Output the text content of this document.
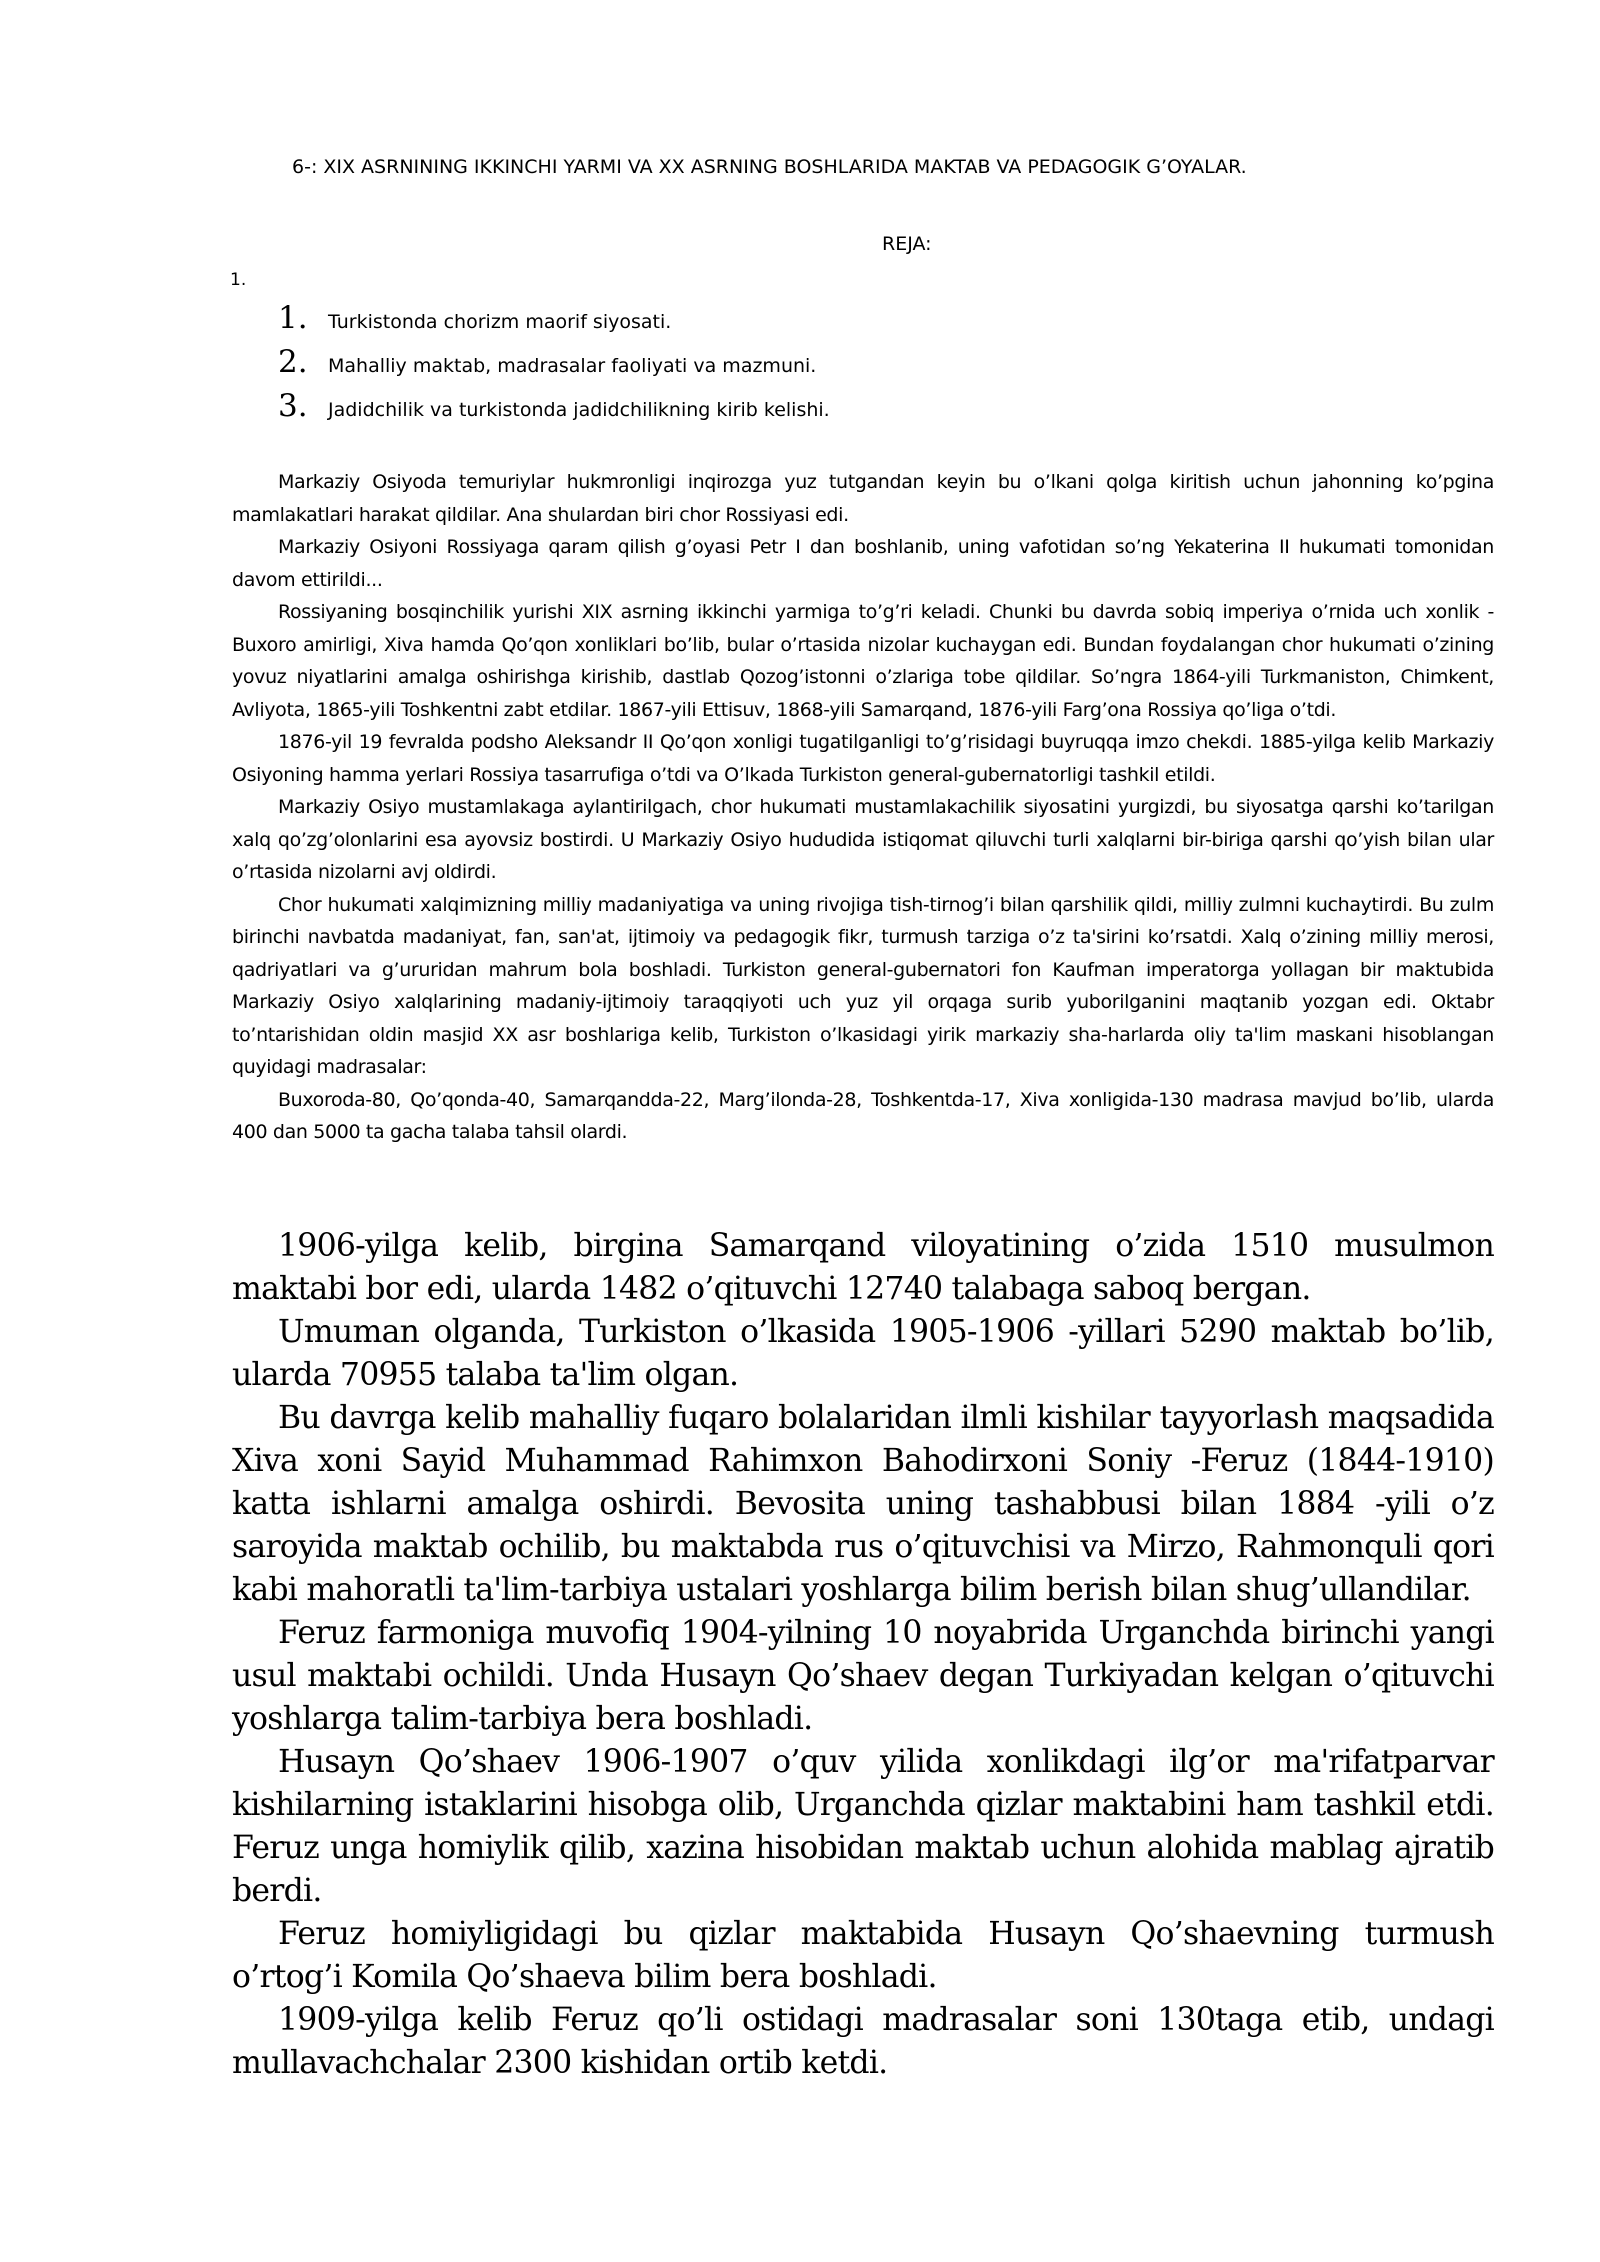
6-: XIX ASRNINING IKKINCHI YARMI VA XX ASRNING BOSHLARIDA MAKTAB VA PEDAGOGIK G’OYALAR.

REJA:

1.

1. Turkistonda chorizm maorif siyosati.
2. Mahalliy maktab, madrasalar faoliyati va mazmuni.
3. Jadidchilik va turkistonda jadidchilikning kirib kelishi.

Markaziy Osiyoda temuriylar hukmronligi inqirozga yuz tutgandan keyin bu o’lkani qolga kiritish uchun jahonning ko’pgina mamlakatlari harakat qildilar. Ana shulardan biri chor Rossiyasi edi.

Markaziy Osiyoni Rossiyaga qaram qilish g’oyasi Petr I dan boshlanib, uning vafotidan so’ng Yekaterina II hukumati tomonidan davom ettirildi...

Rossiyaning bosqinchilik yurishi XIX asrning ikkinchi yarmiga to’g’ri keladi. Chunki bu davrda sobiq imperiya o’rnida uch xonlik - Buxoro amirligi, Xiva hamda Qo’qon xonliklari bo’lib, bular o’rtasida nizolar kuchaygan edi. Bundan foydalangan chor hukumati o’zining yovuz niyatlarini amalga oshirishga kirishib, dastlab Qozog’istonni o’zlariga tobe qildilar. So’ngra 1864-yili Turkmaniston, Chimkent, Avliyota, 1865-yili Toshkentni zabt etdilar. 1867-yili Ettisuv, 1868-yili Samarqand, 1876-yili Farg’ona Rossiya qo’liga o’tdi.

1876-yil 19 fevralda podsho Aleksandr II Qo’qon xonligi tugatilganligi to’g’risidagi buyruqqa imzo chekdi. 1885-yilga kelib Markaziy Osiyoning hamma yerlari Rossiya tasarrufiga o’tdi va O’lkada Turkiston general-gubernatorligi tashkil etildi.

Markaziy Osiyo mustamlakaga aylantirilgach, chor hukumati mustamlakachilik siyosatini yurgizdi, bu siyosatga qarshi ko’tarilgan xalq qo’zg’olonlarini esa ayovsiz bostirdi. U Markaziy Osiyo hududida istiqomat qiluvchi turli xalqlarni bir-biriga qarshi qo’yish bilan ular o’rtasida nizolarni avj oldirdi.

Chor hukumati xalqimizning milliy madaniyatiga va uning rivojiga tish-tirnog’i bilan qarshilik qildi, milliy zulmni kuchaytirdi. Bu zulm birinchi navbatda madaniyat, fan, san'at, ijtimoiy va pedagogik fikr, turmush tarziga o’z ta'sirini ko’rsatdi. Xalq o’zining milliy merosi, qadriyatlari va g’ururidan mahrum bola boshladi. Turkiston general-gubernatori fon Kaufman imperatorga yollagan bir maktubida Markaziy Osiyo xalqlarining madaniy-ijtimoiy taraqqiyoti uch yuz yil orqaga surib yuborilganini maqtanib yozgan edi. Oktabr to’ntarishidan oldin masjid XX asr boshlariga kelib, Turkiston o’lkasidagi yirik markaziy sha-harlarda oliy ta'lim maskani hisoblangan quyidagi madrasalar:

Buxoroda-80, Qo’qonda-40, Samarqandda-22, Marg’ilonda-28, Toshkentda-17, Xiva xonligida-130 madrasa mavjud bo’lib, ularda 400 dan 5000 ta gacha talaba tahsil olardi.

1906-yilga kelib, birgina Samarqand viloyatining o’zida 1510 musulmon maktabi bor edi, ularda 1482 o’qituvchi 12740 talabaga saboq bergan.

Umuman olganda, Turkiston o’lkasida 1905-1906 -yillari 5290 maktab bo’lib, ularda 70955 talaba ta'lim olgan.

Bu davrga kelib mahalliy fuqaro bolalaridan ilmli kishilar tayyorlash maqsadida Xiva xoni Sayid Muhammad Rahimxon Bahodirxoni Soniy -Feruz (1844-1910) katta ishlarni amalga oshirdi. Bevosita uning tashabbusi bilan 1884 -yili o’z saroyida maktab ochilib, bu maktabda rus o’qituvchisi va Mirzo, Rahmonquli qori kabi mahoratli ta'lim-tarbiya ustalari yoshlarga bilim berish bilan shug’ullandilar.

Feruz farmoniga muvofiq 1904-yilning 10 noyabrida Urganchda birinchi yangi usul maktabi ochildi. Unda Husayn Qo’shaev degan Turkiyadan kelgan o’qituvchi yoshlarga talim-tarbiya bera boshladi.

Husayn Qo’shaev 1906-1907 o’quv yilida xonlikdagi ilg’or ma'rifatparvar kishilarning istaklarini hisobga olib, Urganchda qizlar maktabini ham tashkil etdi. Feruz unga homiylik qilib, xazina hisobidan maktab uchun alohida mablag ajratib berdi.

Feruz homiyligidagi bu qizlar maktabida Husayn Qo’shaevning turmush o’rtog’i Komila Qo’shaeva bilim bera boshladi.

1909-yilga kelib Feruz qo’li ostidagi madrasalar soni 130taga etib, undagi mullavachchalar 2300 kishidan ortib ketdi.
